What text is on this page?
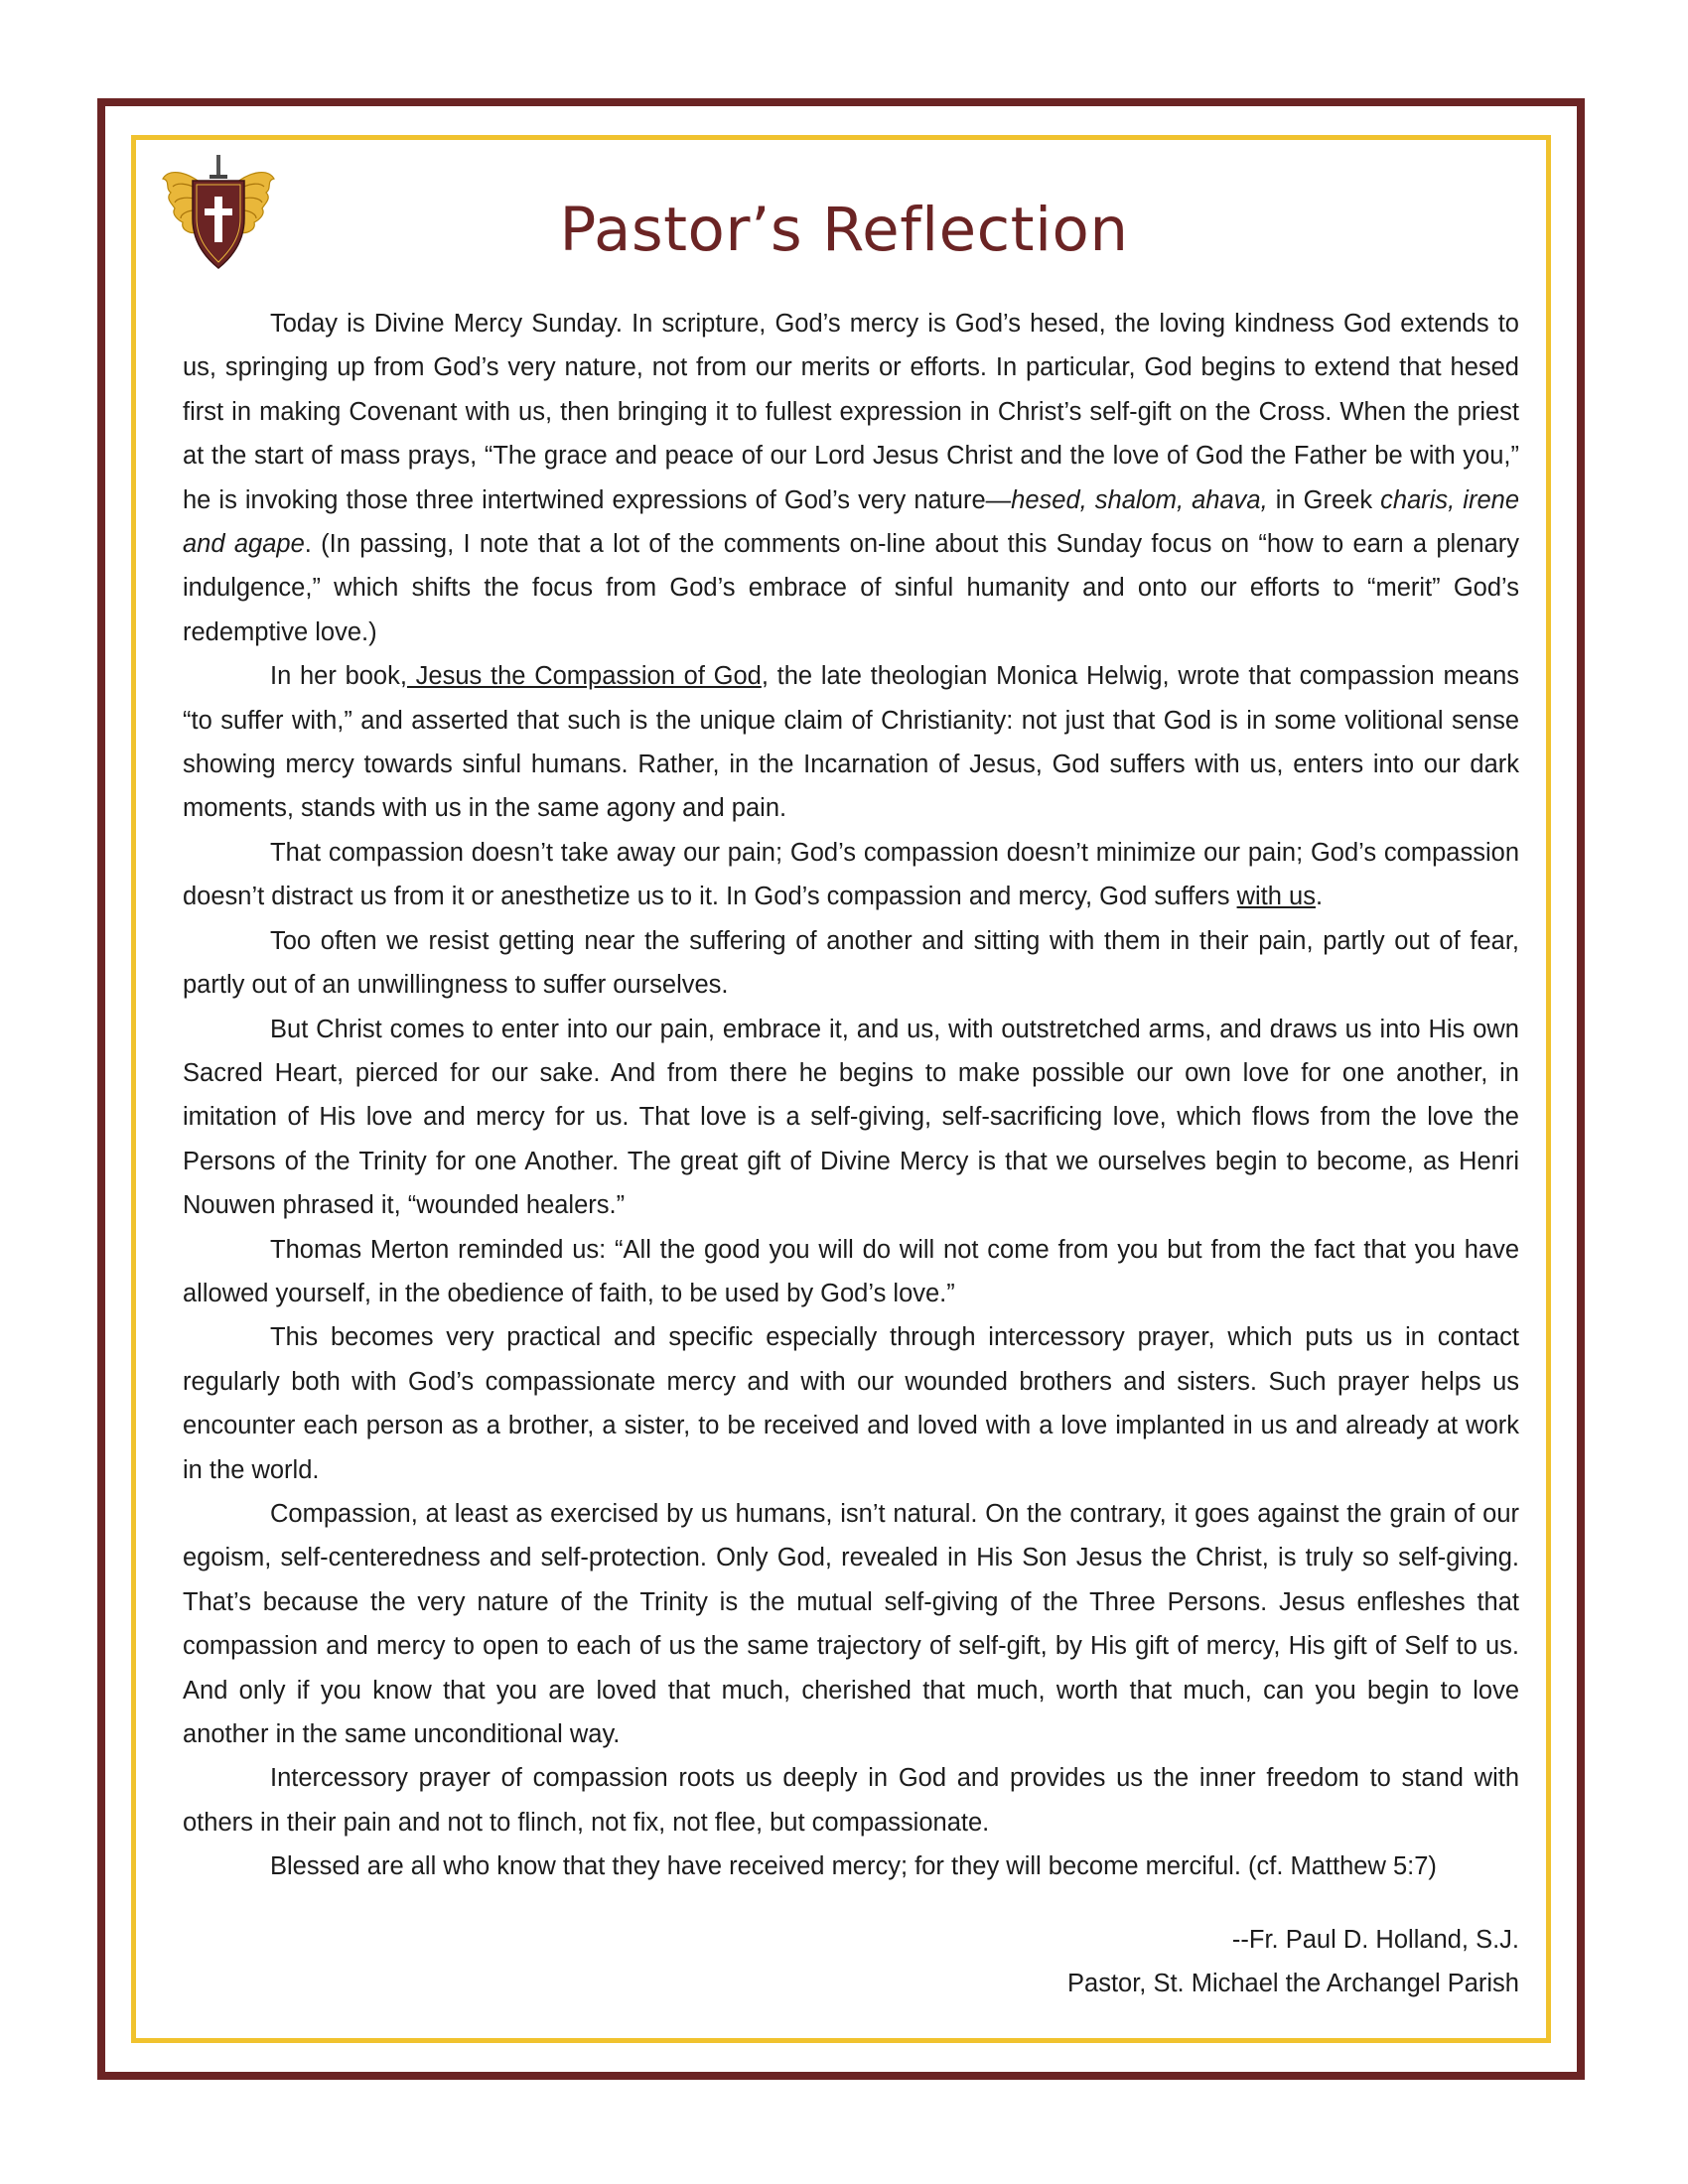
Pastor’s Reflection

Today is Divine Mercy Sunday. In scripture, God’s mercy is God’s hesed, the loving kindness God extends to us, springing up from God’s very nature, not from our merits or efforts. In particular, God begins to extend that hesed first in making Covenant with us, then bringing it to fullest expression in Christ’s self-gift on the Cross. When the priest at the start of mass prays, “The grace and peace of our Lord Jesus Christ and the love of God the Father be with you,” he is invoking those three intertwined expressions of God’s very nature—hesed, shalom, ahava, in Greek charis, irene and agape. (In passing, I note that a lot of the comments on-line about this Sunday focus on “how to earn a plenary indulgence,” which shifts the focus from God’s embrace of sinful humanity and onto our efforts to “merit” God’s redemptive love.)

In her book, Jesus the Compassion of God, the late theologian Monica Helwig, wrote that compassion means “to suffer with,” and asserted that such is the unique claim of Christianity: not just that God is in some volitional sense showing mercy towards sinful humans. Rather, in the Incarnation of Jesus, God suffers with us, enters into our dark moments, stands with us in the same agony and pain.

That compassion doesn’t take away our pain; God’s compassion doesn’t minimize our pain; God’s compassion doesn’t distract us from it or anesthetize us to it. In God’s compassion and mercy, God suffers with us.

Too often we resist getting near the suffering of another and sitting with them in their pain, partly out of fear, partly out of an unwillingness to suffer ourselves.

But Christ comes to enter into our pain, embrace it, and us, with outstretched arms, and draws us into His own Sacred Heart, pierced for our sake. And from there he begins to make possible our own love for one another, in imitation of His love and mercy for us. That love is a self-giving, self-sacrificing love, which flows from the love the Persons of the Trinity for one Another. The great gift of Divine Mercy is that we ourselves begin to become, as Henri Nouwen phrased it, “wounded healers.”

Thomas Merton reminded us: “All the good you will do will not come from you but from the fact that you have allowed yourself, in the obedience of faith, to be used by God’s love.”

This becomes very practical and specific especially through intercessory prayer, which puts us in contact regularly both with God’s compassionate mercy and with our wounded brothers and sisters. Such prayer helps us encounter each person as a brother, a sister, to be received and loved with a love implanted in us and already at work in the world.

Compassion, at least as exercised by us humans, isn’t natural. On the contrary, it goes against the grain of our egoism, self-centeredness and self-protection. Only God, revealed in His Son Jesus the Christ, is truly so self-giving. That’s because the very nature of the Trinity is the mutual self-giving of the Three Persons. Jesus enfleshes that compassion and mercy to open to each of us the same trajectory of self-gift, by His gift of mercy, His gift of Self to us. And only if you know that you are loved that much, cherished that much, worth that much, can you begin to love another in the same unconditional way.

Intercessory prayer of compassion roots us deeply in God and provides us the inner freedom to stand with others in their pain and not to flinch, not fix, not flee, but compassionate.

Blessed are all who know that they have received mercy; for they will become merciful. (cf. Matthew 5:7)

--Fr. Paul D. Holland, S.J.
Pastor, St. Michael the Archangel Parish
